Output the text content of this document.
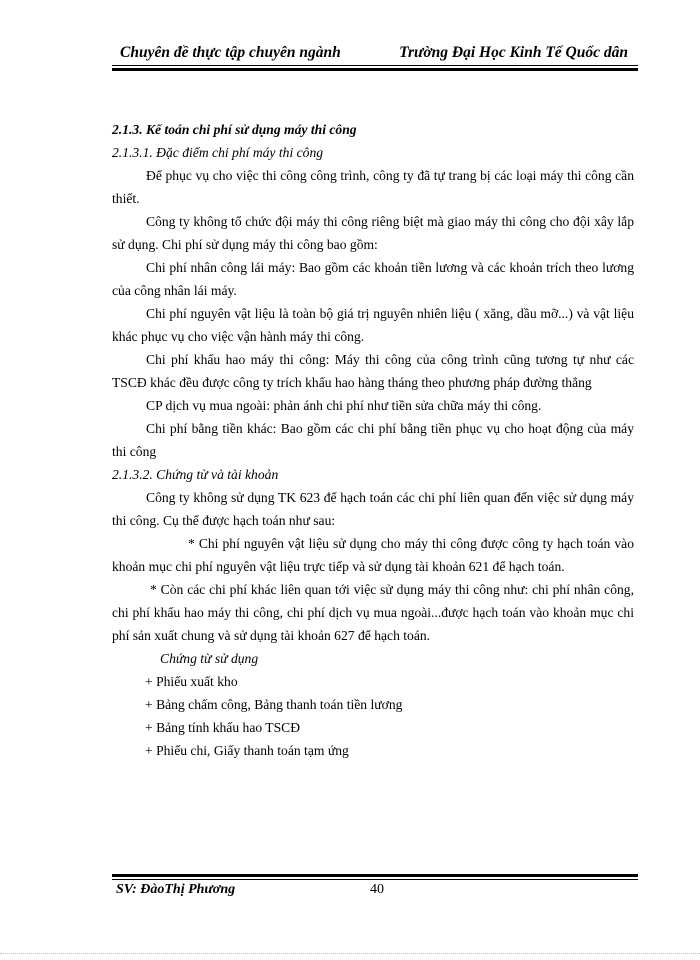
Chuyên đề thực tập chuyên ngành	Trường Đại Học Kinh Tế Quốc dân

2.1.3. Kế toán chi phí sử dụng máy thi công

2.1.3.1. Đặc điểm chi phí máy thi công

Để phục vụ cho việc thi công công trình, công ty đã tự trang bị các loại máy thi công cần thiết.

Công ty không tổ chức đội máy thi công riêng biệt mà giao máy thi công cho đội xây lắp sử dụng. Chi phí sử dụng máy thi công bao gồm:

Chi phí nhân công lái máy: Bao gồm các khoản tiền lương và các khoản trích theo lương của công nhân lái máy.

Chi phí nguyên vật liệu là toàn bộ giá trị nguyên nhiên liệu ( xăng, dầu mỡ...) và vật liệu khác phục vụ cho việc vận hành máy thi công.

Chi phí khấu hao máy thi công: Máy thi công của công trình cũng tương tự như các TSCĐ khác đều được công ty trích khấu hao hàng tháng theo phương pháp đường thẳng

CP dịch vụ mua ngoài: phản ánh chi phí như tiền sửa chữa máy thi công.

Chi phí bằng tiền khác: Bao gồm các chi phí bằng tiền phục vụ cho hoạt động của máy thi công

2.1.3.2. Chứng từ và tài khoản

Công ty không sử dụng TK 623 để hạch toán các chi phí liên quan đến việc sử dụng máy thi công. Cụ thể được hạch toán như sau:

* Chi phí nguyên vật liệu sử dụng cho máy thi công được công ty hạch toán vào khoản mục chi phí nguyên vật liệu trực tiếp và sử dụng tài khoản 621 để hạch toán.

* Còn các chi phí khác liên quan tới việc sử dụng máy thi công như: chi phí nhân công, chi phí khấu hao máy thi công, chi phí dịch vụ mua ngoài...được hạch toán vào khoản mục chi phí sản xuất chung và sử dụng tài khoản 627 để hạch toán.

Chứng từ sử dụng

+ Phiếu xuất kho

+ Bảng chấm công, Bảng thanh toán tiền lương

+ Bảng tính khấu hao TSCĐ

+ Phiếu chi, Giấy thanh toán tạm ứng

SV: ĐàoThị Phương	40
